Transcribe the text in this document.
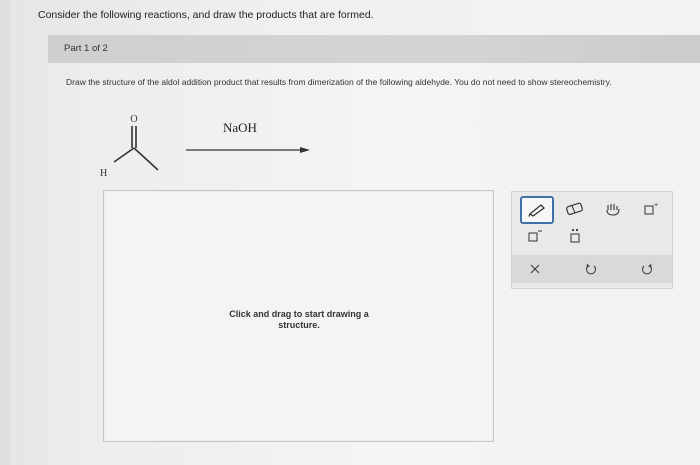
Consider the following reactions, and draw the products that are formed.
Part 1 of 2
Draw the structure of the aldol addition product that results from dimerization of the following aldehyde. You do not need to show stereochemistry.
O
H
NaOH
Click and drag to start drawing a
structure.
+
